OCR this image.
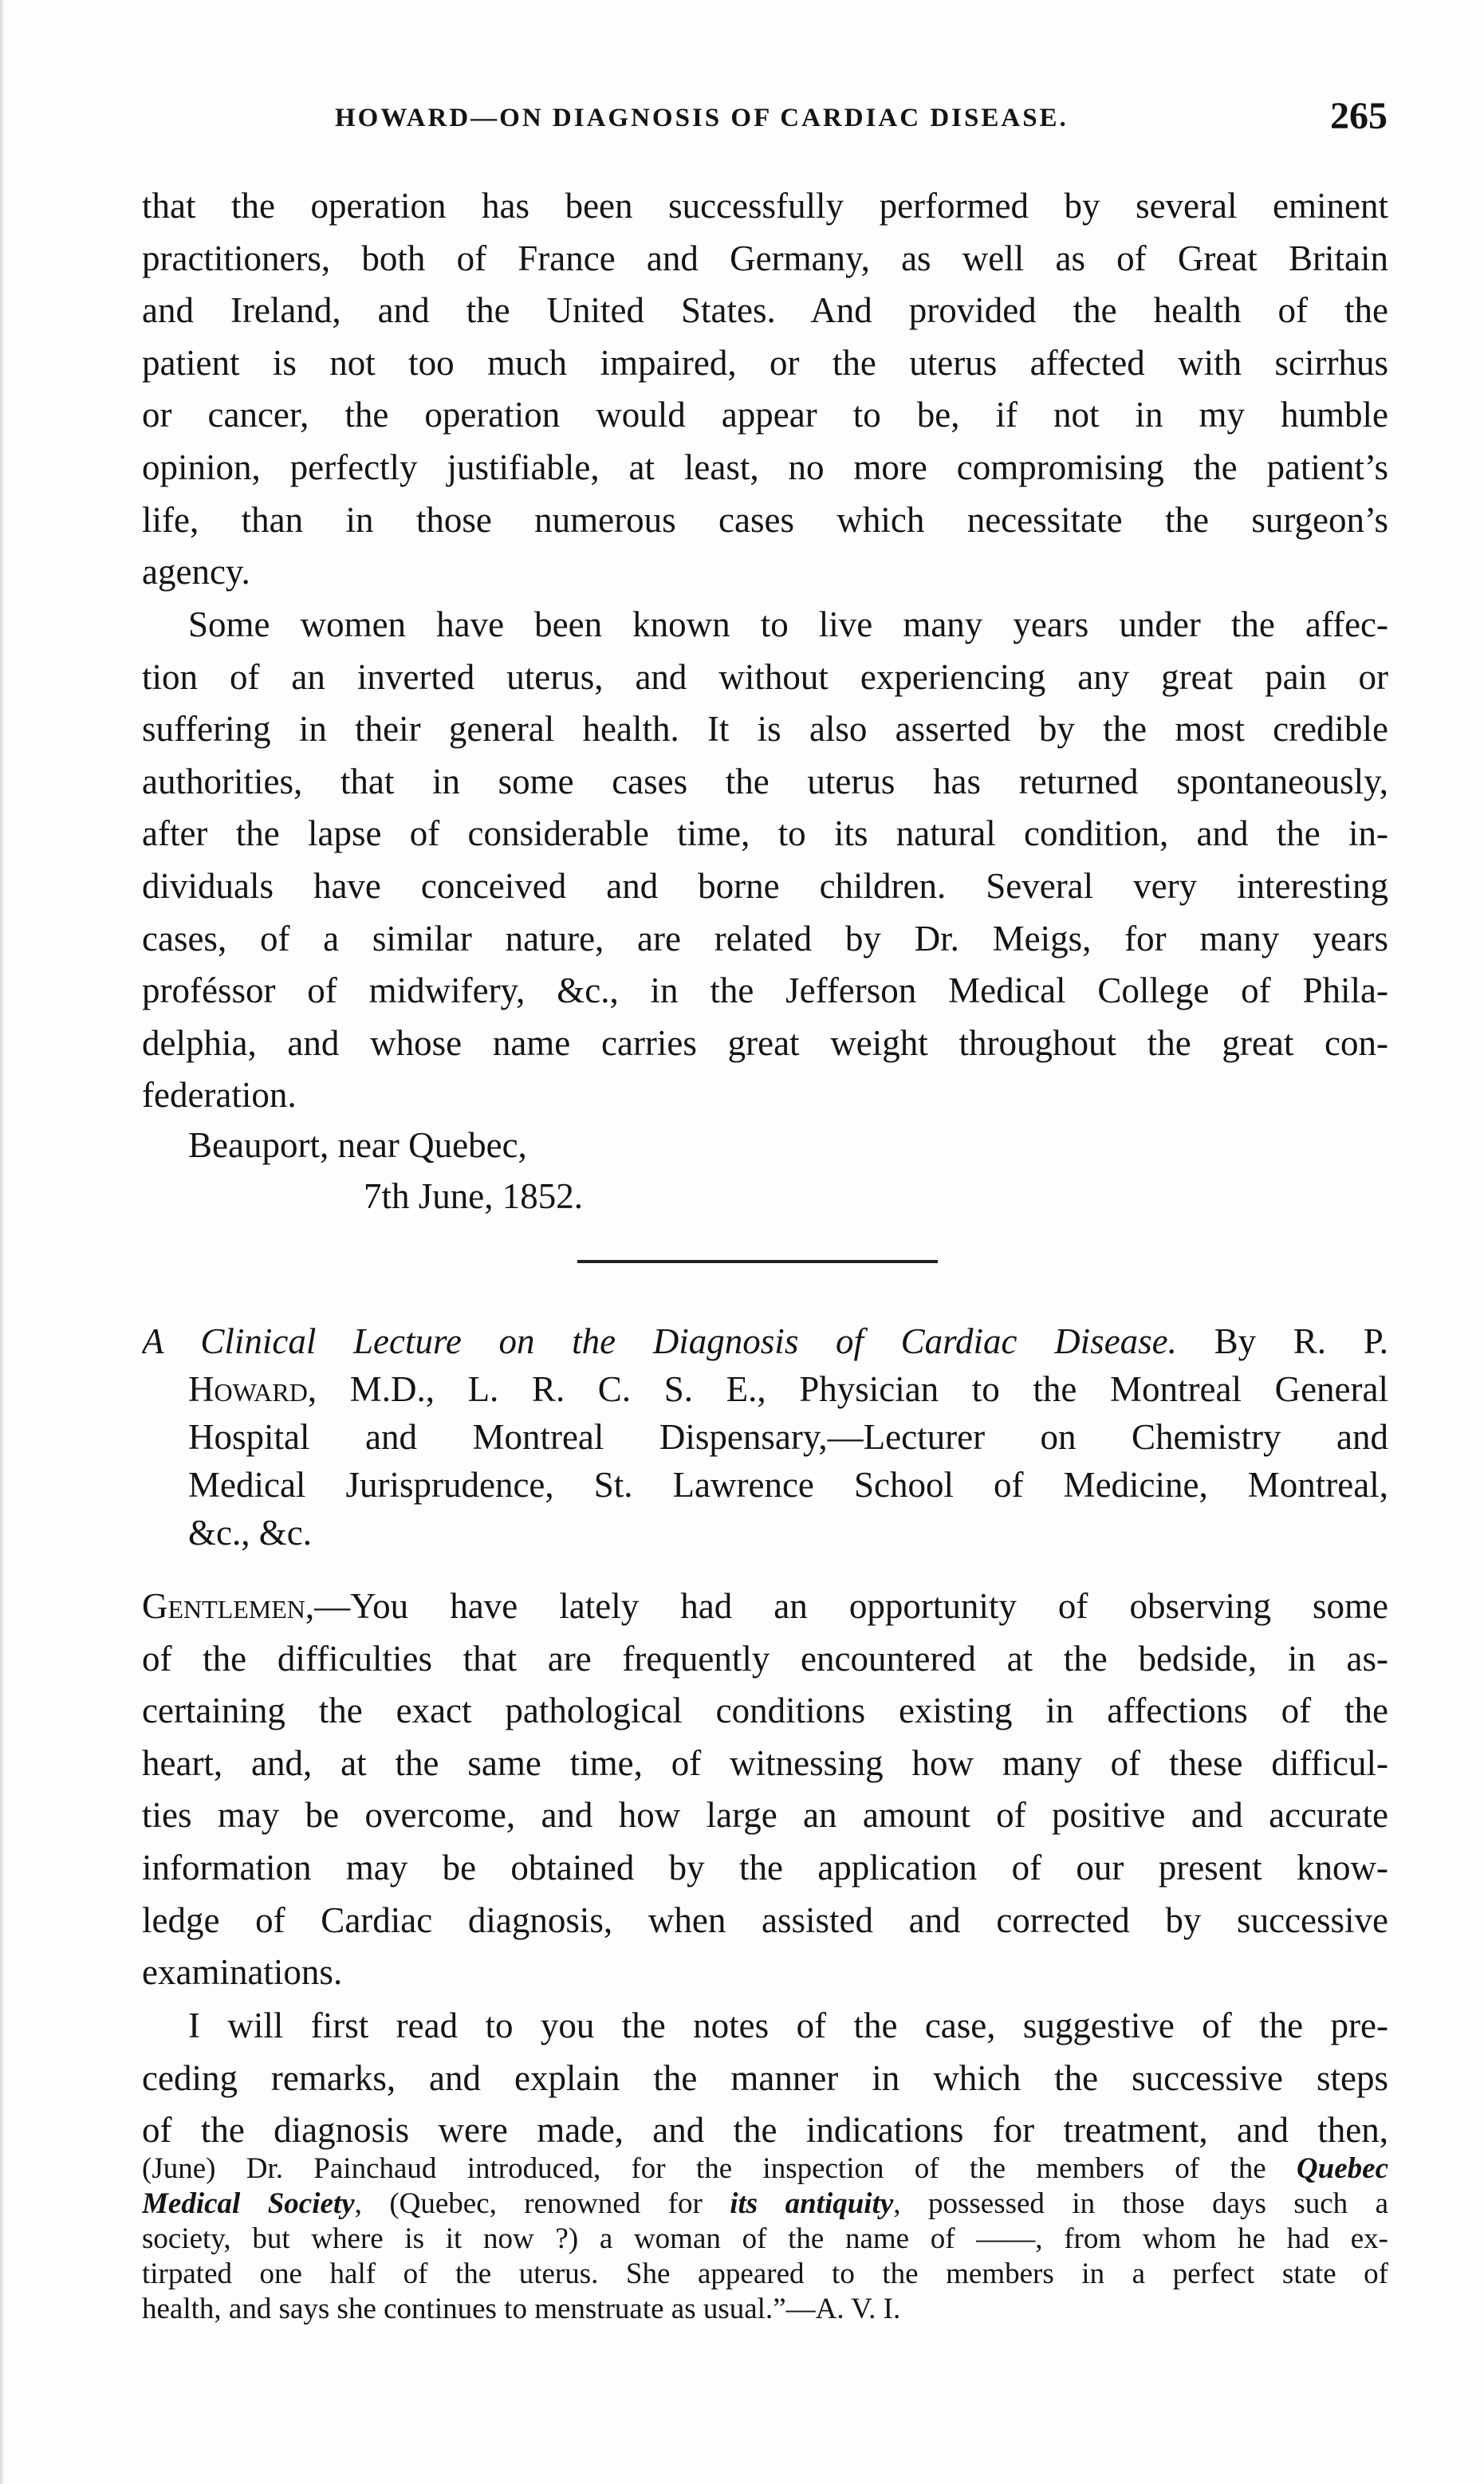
HOWARD—ON DIAGNOSIS OF CARDIAC DISEASE.	265
that the operation has been successfully performed by several eminent
practitioners, both of France and Germany, as well as of Great Britain
and Ireland, and the United States. And provided the health of the
patient is not too much impaired, or the uterus affected with scirrhus
or cancer, the operation would appear to be, if not in my humble
opinion, perfectly justifiable, at least, no more compromising the patient’s
life, than in those numerous cases which necessitate the surgeon’s
agency.
Some women have been known to live many years under the affec-
tion of an inverted uterus, and without experiencing any great pain or
suffering in their general health. It is also asserted by the most credible
authorities, that in some cases the uterus has returned spontaneously,
after the lapse of considerable time, to its natural condition, and the in-
dividuals have conceived and borne children. Several very interesting
cases, of a similar nature, are related by Dr. Meigs, for many years
proféssor of midwifery, &c., in the Jefferson Medical College of Phila-
delphia, and whose name carries great weight throughout the great con-
federation.
Beauport, near Quebec,
7th June, 1852.
A Clinical Lecture on the Diagnosis of Cardiac Disease. By R. P.
Howard, M.D., L. R. C. S. E., Physician to the Montreal General
Hospital and Montreal Dispensary,—Lecturer on Chemistry and
Medical Jurisprudence, St. Lawrence School of Medicine, Montreal,
&c., &c.
Gentlemen,—You have lately had an opportunity of observing some
of the difficulties that are frequently encountered at the bedside, in as-
certaining the exact pathological conditions existing in affections of the
heart, and, at the same time, of witnessing how many of these difficul-
ties may be overcome, and how large an amount of positive and accurate
information may be obtained by the application of our present know-
ledge of Cardiac diagnosis, when assisted and corrected by successive
examinations.
I will first read to you the notes of the case, suggestive of the pre-
ceding remarks, and explain the manner in which the successive steps
of the diagnosis were made, and the indications for treatment, and then,
(June) Dr. Painchaud introduced, for the inspection of the members of the Quebec
Medical Society, (Quebec, renowned for its antiquity, possessed in those days such a
society, but where is it now ?) a woman of the name of ——, from whom he had ex-
tirpated one half of the uterus. She appeared to the members in a perfect state of
health, and says she continues to menstruate as usual.”—A. V. I.
